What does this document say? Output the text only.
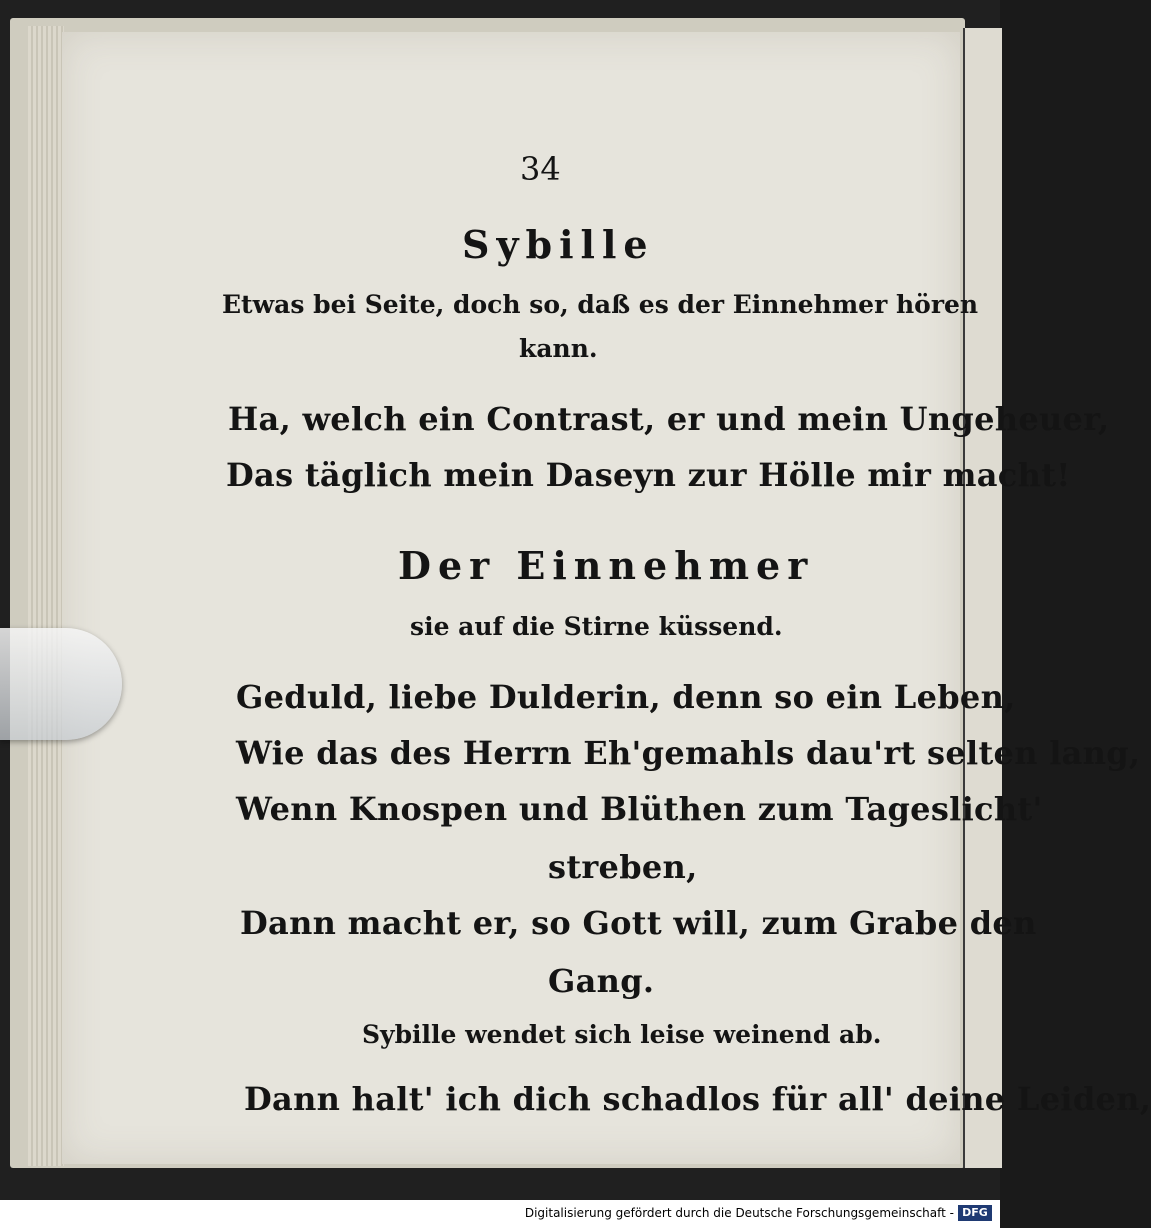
34
Sybille
Etwas bei Seite, doch so, daß es der Einnehmer hören
kann.
Ha, welch ein Contrast, er und mein Ungeheuer,
Das täglich mein Daseyn zur Hölle mir macht!
Der Einnehmer
sie auf die Stirne küssend.
Geduld, liebe Dulderin, denn so ein Leben,
Wie das des Herrn Eh'gemahls dau'rt selten lang,
Wenn Knospen und Blüthen zum Tageslicht'
streben,
Dann macht er, so Gott will, zum Grabe den
Gang.
Sybille wendet sich leise weinend ab.
Dann halt' ich dich schadlos für all' deine Leiden,
Digitalisierung gefördert durch die Deutsche Forschungsgemeinschaft - DFG
